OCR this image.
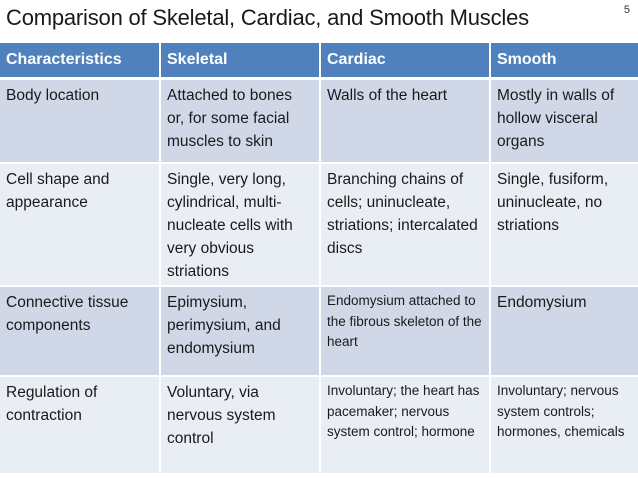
Comparison of Skeletal, Cardiac, and Smooth Muscles	5
Characteristics	Skeletal	Cardiac	Smooth
Body location	Attached to bones or, for some facial muscles to skin	Walls of the heart	Mostly in walls of hollow visceral organs
Cell shape and appearance	Single, very long, cylindrical, multi-nucleate cells with very obvious striations	Branching chains of cells; uninucleate, striations; intercalated discs	Single, fusiform, uninucleate, no striations
Connective tissue components	Epimysium, perimysium, and endomysium	Endomysium attached to the fibrous skeleton of the heart	Endomysium
Regulation of contraction	Voluntary, via nervous system control	Involuntary; the heart has pacemaker; nervous system control; hormone	Involuntary; nervous system controls; hormones, chemicals
